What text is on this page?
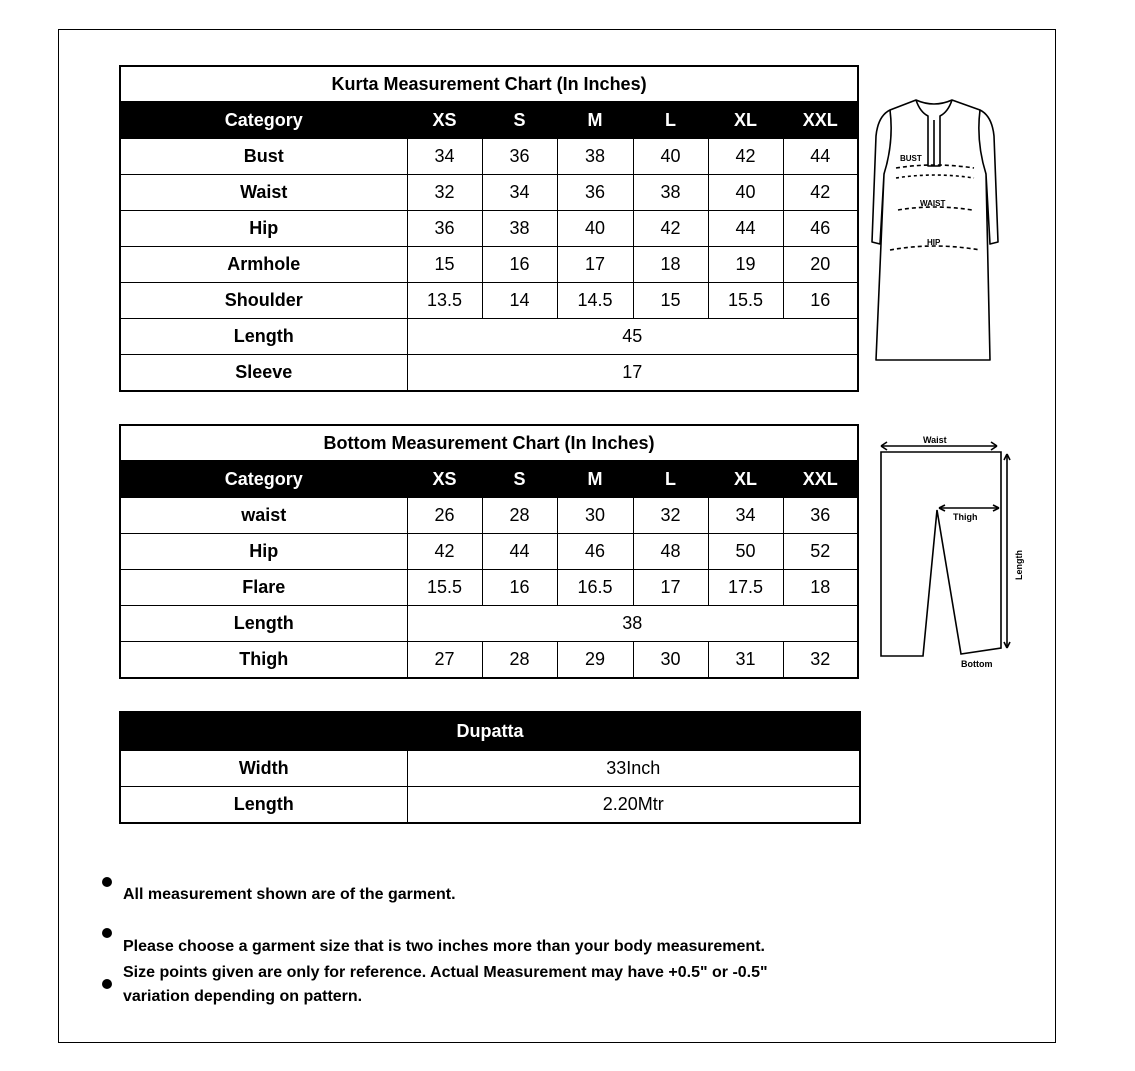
Kurta Measurement Chart (In Inches)						
Category	XS	S	M	L	XL	XXL
Bust	34	36	38	40	42	44
Waist	32	34	36	38	40	42
Hip	36	38	40	42	44	46
Armhole	15	16	17	18	19	20
Shoulder	13.5	14	14.5	15	15.5	16
Length	45					
Sleeve	17					
Bottom Measurement Chart (In Inches)						
Category	XS	S	M	L	XL	XXL
waist	26	28	30	32	34	36
Hip	42	44	46	48	50	52
Flare	15.5	16	16.5	17	17.5	18
Length	38					
Thigh	27	28	29	30	31	32
Dupatta	
Width	33Inch
Length	2.20Mtr
BUST
WAIST
HIP
Waist
Thigh
Length
Bottom
All measurement shown are of the garment.
Please choose a garment size that is two inches more than your body measurement.
Size points given are only for reference. Actual Measurement may have +0.5" or -0.5"
variation depending on pattern.
